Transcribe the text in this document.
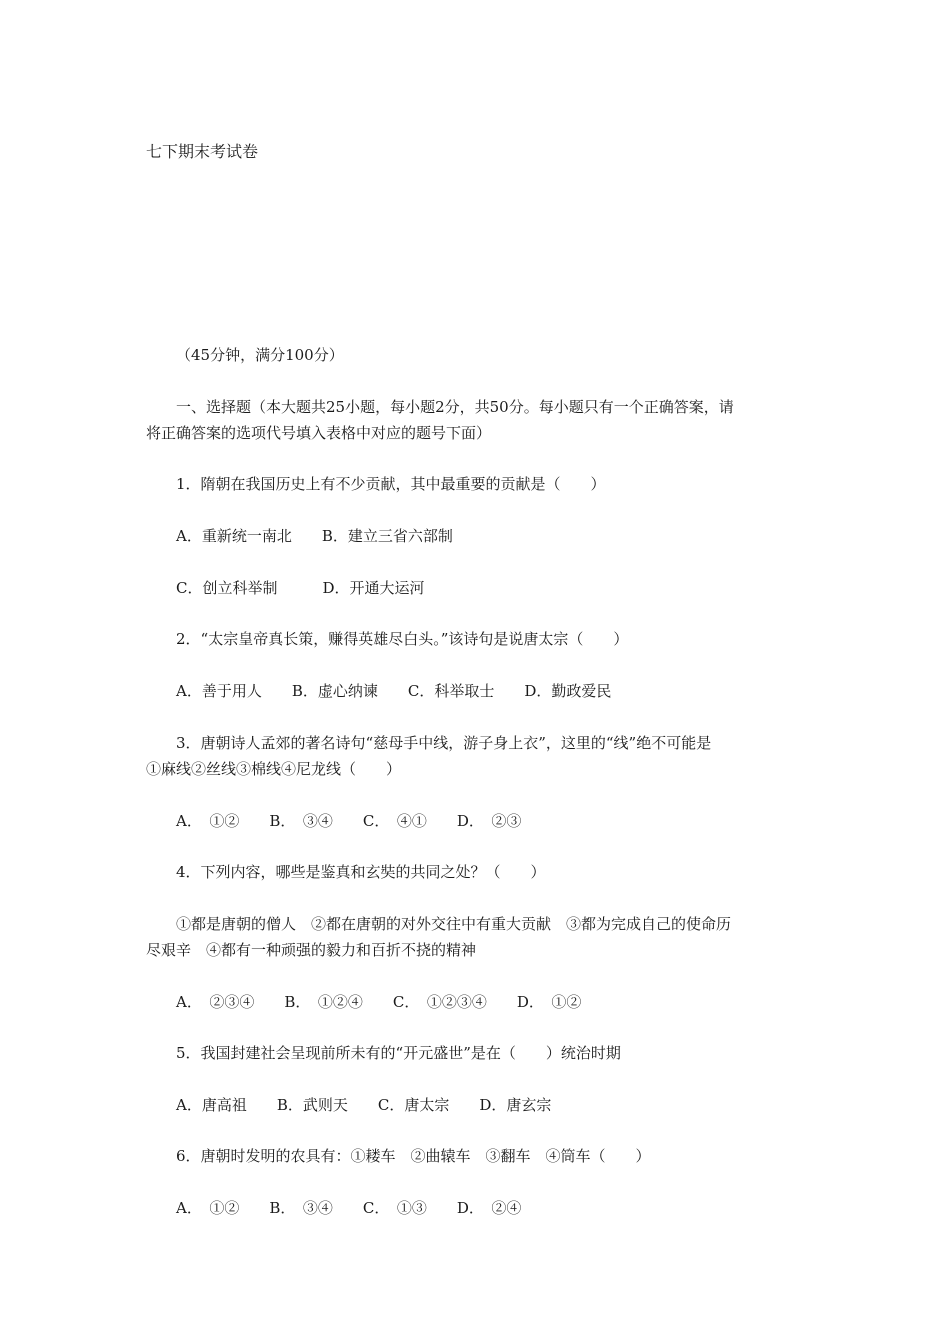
七下期末考试卷

（45分钟，满分100分）

一、选择题（本大题共25小题，每小题2分，共50分。每小题只有一个正确答案，请

将正确答案的选项代号填入表格中对应的题号下面）

1．隋朝在我国历史上有不少贡献，其中最重要的贡献是（　　）

A．重新统一南北　　B．建立三省六部制

C．创立科举制　　　D．开通大运河

2．“太宗皇帝真长策，赚得英雄尽白头。”该诗句是说唐太宗（　　）

A．善于用人　　B．虚心纳谏　　C．科举取士　　D．勤政爱民

3．唐朝诗人孟郊的著名诗句“慈母手中线，游子身上衣”，这里的“线”绝不可能是

①麻线②丝线③棉线④尼龙线（　　）

A．　①②　　B．　③④　　C．　④①　　D．　②③

4．下列内容，哪些是鉴真和玄奘的共同之处？（　　）

①都是唐朝的僧人　②都在唐朝的对外交往中有重大贡献　③都为完成自己的使命历

尽艰辛　④都有一种顽强的毅力和百折不挠的精神

A．　②③④　　B．　①②④　　C．　①②③④　　D．　①②

5．我国封建社会呈现前所未有的“开元盛世”是在（　　）统治时期

A．唐高祖　　B．武则天　　C．唐太宗　　D．唐玄宗

6．唐朝时发明的农具有：①耧车　②曲辕车　③翻车　④筒车（　　）

A．　①②　　B．　③④　　C．　①③　　D．　②④
